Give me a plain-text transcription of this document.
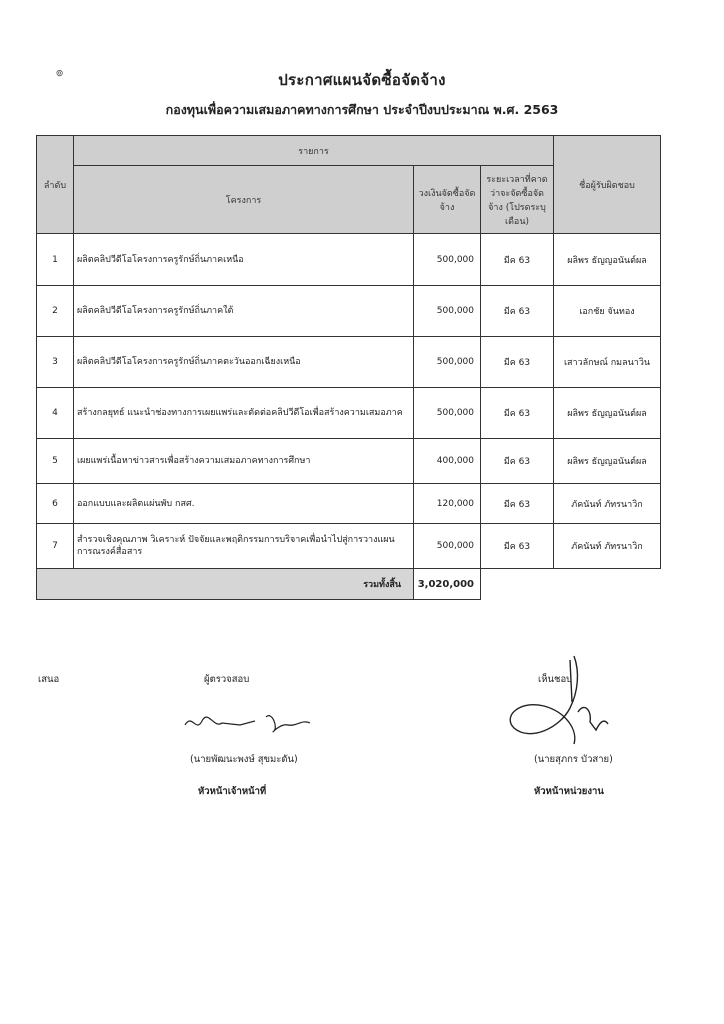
๏	ประกาศแผนจัดซื้อจัดจ้าง
กองทุนเพื่อความเสมอภาคทางการศึกษา ประจำปีงบประมาณ พ.ศ. 2563
ลำดับ	รายการ			ชื่อผู้รับผิดชอบ
	โครงการ	วงเงินจัดซื้อจัดจ้าง	ระยะเวลาที่คาดว่าจะจัดซื้อจัดจ้าง (โปรดระบุเดือน)	
1	ผลิตคลิปวีดีโอโครงการครูรักษ์ถิ่นภาคเหนือ	500,000	มีค 63	ผลิพร ธัญญอนันต์ผล
2	ผลิตคลิปวีดีโอโครงการครูรักษ์ถิ่นภาคใต้	500,000	มีค 63	เอกชัย จันทอง
3	ผลิตคลิปวีดีโอโครงการครูรักษ์ถิ่นภาคตะวันออกเฉียงเหนือ	500,000	มีค 63	เสาวลักษณ์ กมลนาวิน
4	สร้างกลยุทธ์ แนะนำช่องทางการเผยแพร่และตัดต่อคลิปวีดีโอเพื่อสร้างความเสมอภาค	500,000	มีค 63	ผลิพร ธัญญอนันต์ผล
5	เผยแพร่เนื้อหาข่าวสารเพื่อสร้างความเสมอภาคทางการศึกษา	400,000	มีค 63	ผลิพร ธัญญอนันต์ผล
6	ออกแบบและผลิตแผ่นพับ กสศ.	120,000	มีค 63	ภัคนันท์ ภัทรนาวิก
7	สำรวจเชิงคุณภาพ วิเคราะห์ ปัจจัยและพฤติกรรมการบริจาคเพื่อนำไปสู่การวางแผนการณรงค์สื่อสาร	500,000	มีค 63	ภัคนันท์ ภัทรนาวิก
รวมทั้งสิ้น		3,020,000		
เสนอ	ผู้ตรวจสอบ
(นายพัฒนะพงษ์ สุขมะดัน)
หัวหน้าเจ้าหน้าที่
เห็นชอบ
(นายสุภกร บัวสาย)
หัวหน้าหน่วยงาน
